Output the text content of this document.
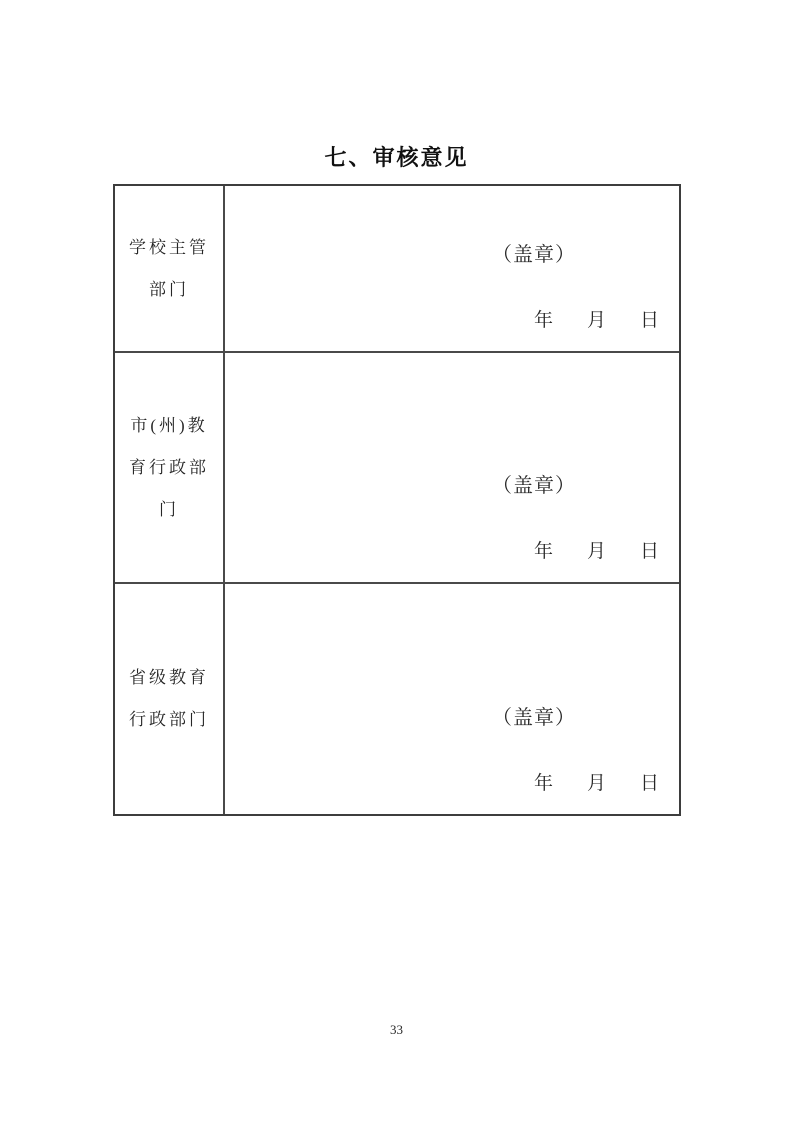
七、审核意见
学校主管
部门
（盖章）
年 月 日
市(州)教
育行政部
门
（盖章）
年 月 日
省级教育
行政部门	（盖章）
年 月 日
33
